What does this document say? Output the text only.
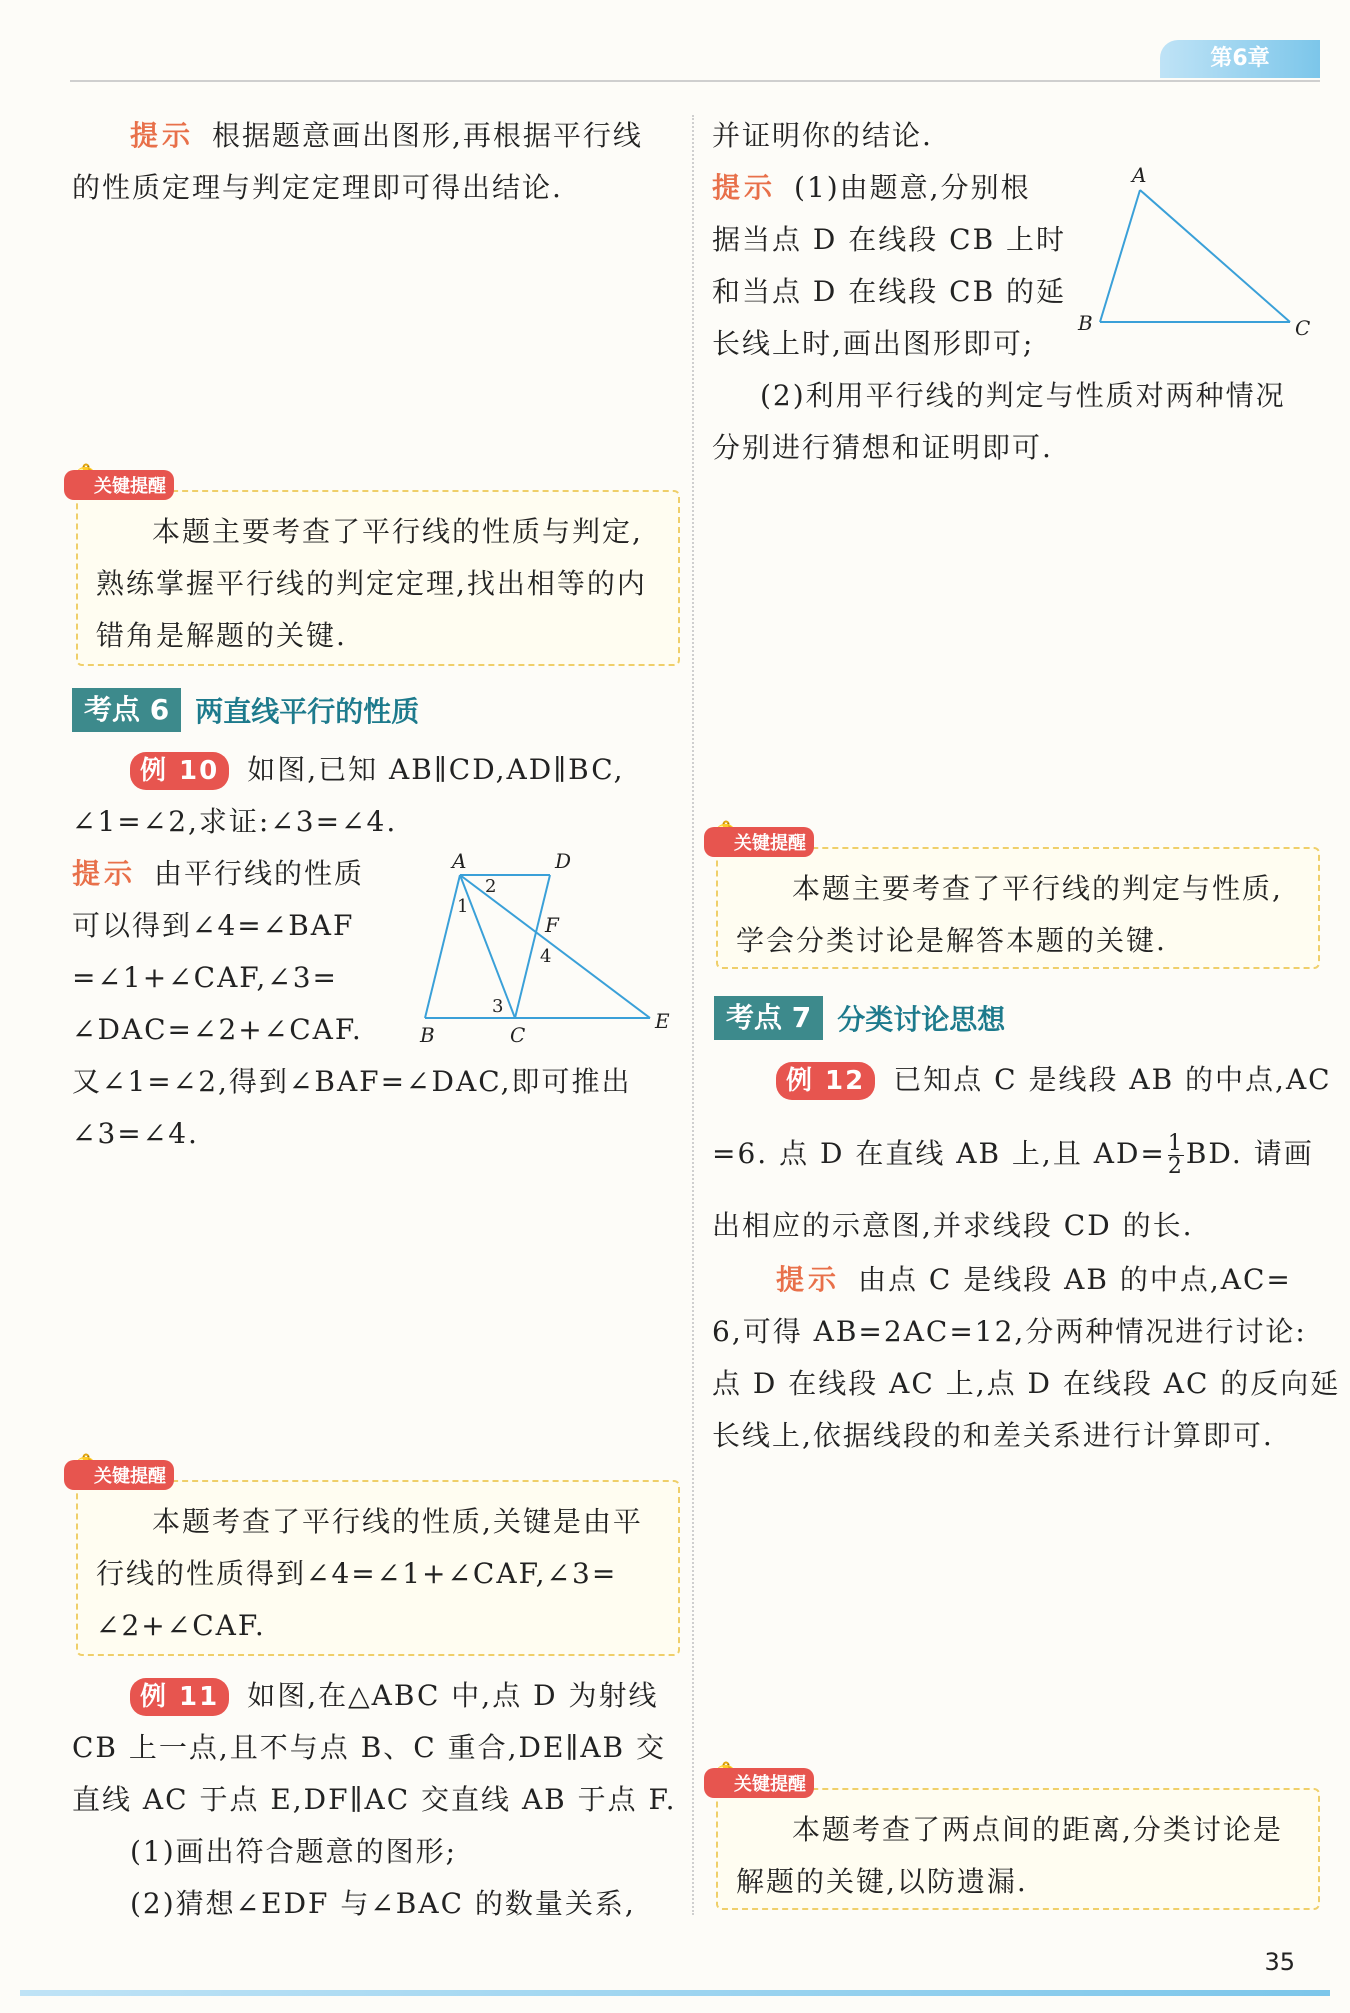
第6章
提示 根据题意画出图形,再根据平行线
的性质定理与判定定理即可得出结论.
关键提醒
本题主要考查了平行线的性质与判定,
熟练掌握平行线的判定定理,找出相等的内
错角是解题的关键.
考点 6 两直线平行的性质
例 10 如图,已知 AB∥CD,AD∥BC,
∠1=∠2,求证:∠3=∠4.
提示 由平行线的性质
可以得到∠4=∠BAF
=∠1+∠CAF,∠3=
∠DAC=∠2+∠CAF.
又∠1=∠2,得到∠BAF=∠DAC,即可推出
∠3=∠4.
A	D
F
B	C
E
1
2
3
4
关键提醒
本题考查了平行线的性质,关键是由平
行线的性质得到∠4=∠1+∠CAF,∠3=
∠2+∠CAF.
例 11 如图,在△ABC 中,点 D 为射线
CB 上一点,且不与点 B、C 重合,DE∥AB 交
直线 AC 于点 E,DF∥AC 交直线 AB 于点 F.
(1)画出符合题意的图形;
(2)猜想∠EDF 与∠BAC 的数量关系,
并证明你的结论.
提示 (1)由题意,分别根
据当点 D 在线段 CB 上时
和当点 D 在线段 CB 的延
长线上时,画出图形即可;
(2)利用平行线的判定与性质对两种情况
分别进行猜想和证明即可.
A
B	C
关键提醒
本题主要考查了平行线的判定与性质,
学会分类讨论是解答本题的关键.
考点 7 分类讨论思想
例 12 已知点 C 是线段 AB 的中点,AC
=6. 点 D 在直线 AB 上,且 $AD= \frac{1}{2}$ BD. 请画
出相应的示意图,并求线段 CD 的长.
提示 由点 C 是线段 AB 的中点,AC=
6,可得 AB=2AC=12,分两种情况进行讨论:
点 D 在线段 AC 上,点 D 在线段 AC 的反向延
长线上,依据线段的和差关系进行计算即可.
关键提醒
本题考查了两点间的距离,分类讨论是
解题的关键,以防遗漏.
35
